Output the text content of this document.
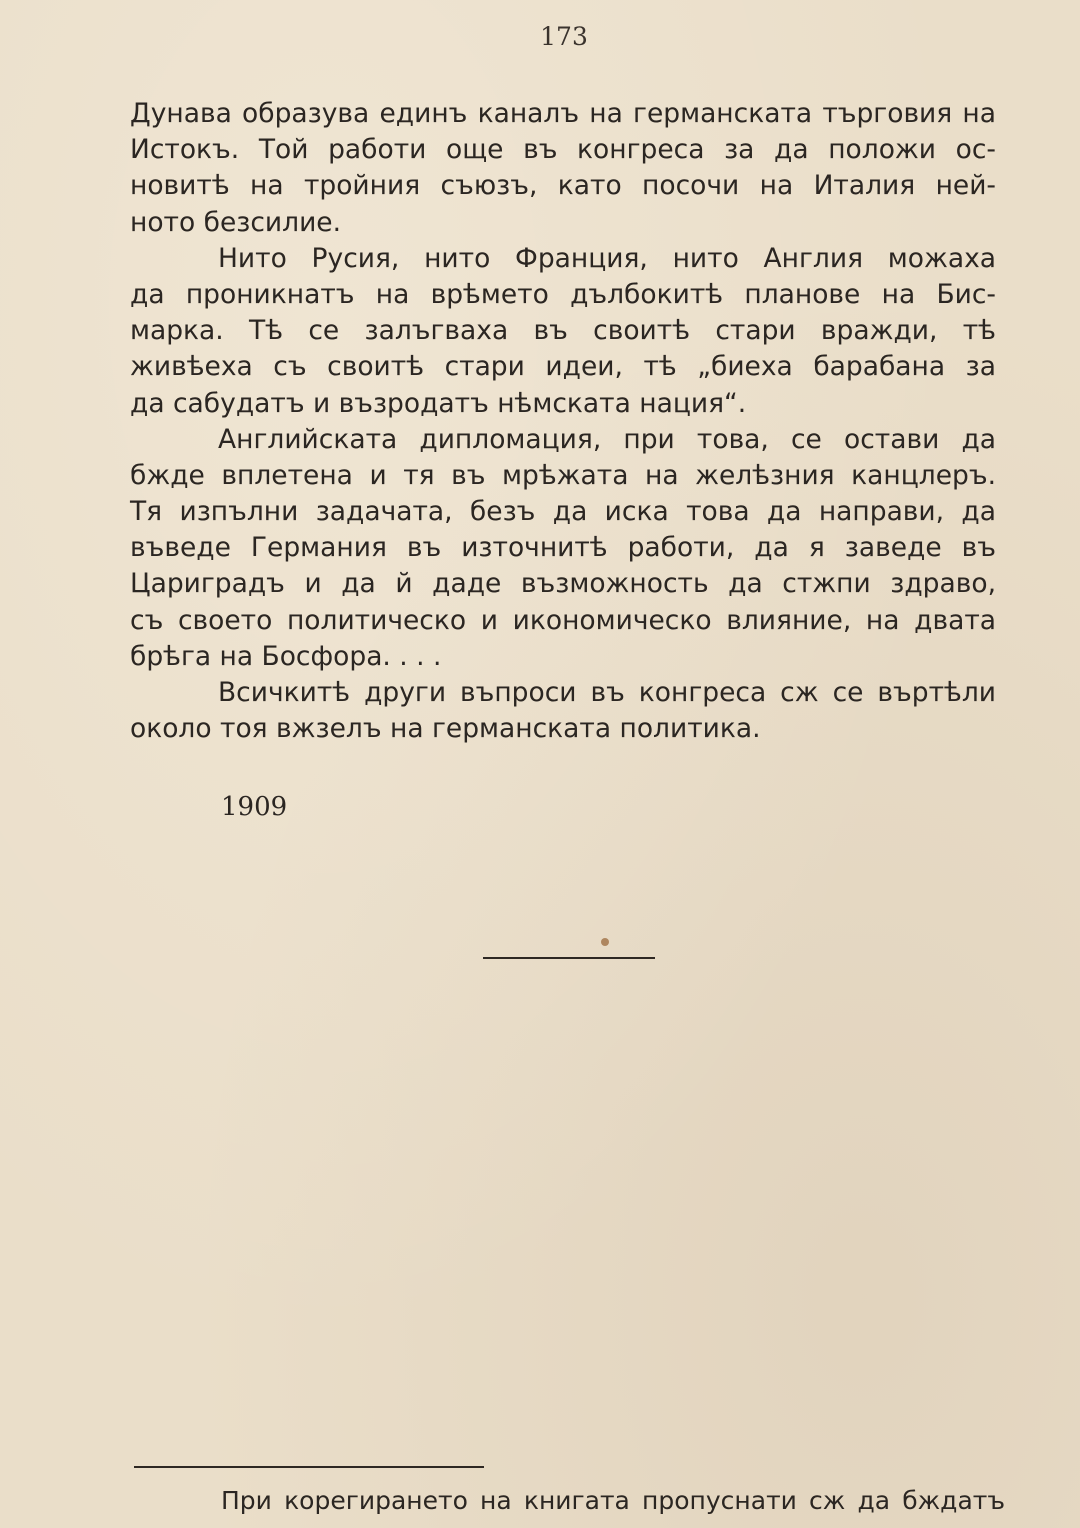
173
Дунава образува единъ каналъ на германската търговия на
Истокъ. Той работи още въ конгреса за да положи ос-
новитѣ на тройния съюзъ, като посочи на Италия ней-
ното безсилие.
Нито Русия, нито Франция, нито Англия можаха
да проникнатъ на врѣмето дълбокитѣ планове на Бис-
марка. Тѣ се залъгваха въ своитѣ стари вражди, тѣ
живѣеха съ своитѣ стари идеи, тѣ „биеха барабана за
да сабудатъ и възродатъ нѣмската нация“.
Английската дипломация, при това, се остави да
бжде вплетена и тя въ мрѣжата на желѣзния канцлеръ.
Тя изпълни задачата, безъ да иска това да направи, да
въведе Германия въ източнитѣ работи, да я заведе въ
Цариградъ и да й даде възможность да стжпи здраво,
съ своето политическо и икономическо влияние, на двата
брѣга на Босфора. . . .
Всичкитѣ други въпроси въ конгреса сж се въртѣли
около тоя вжзелъ на германската политика.
1909
При корегирането на книгата пропуснати сж да бждатъ
